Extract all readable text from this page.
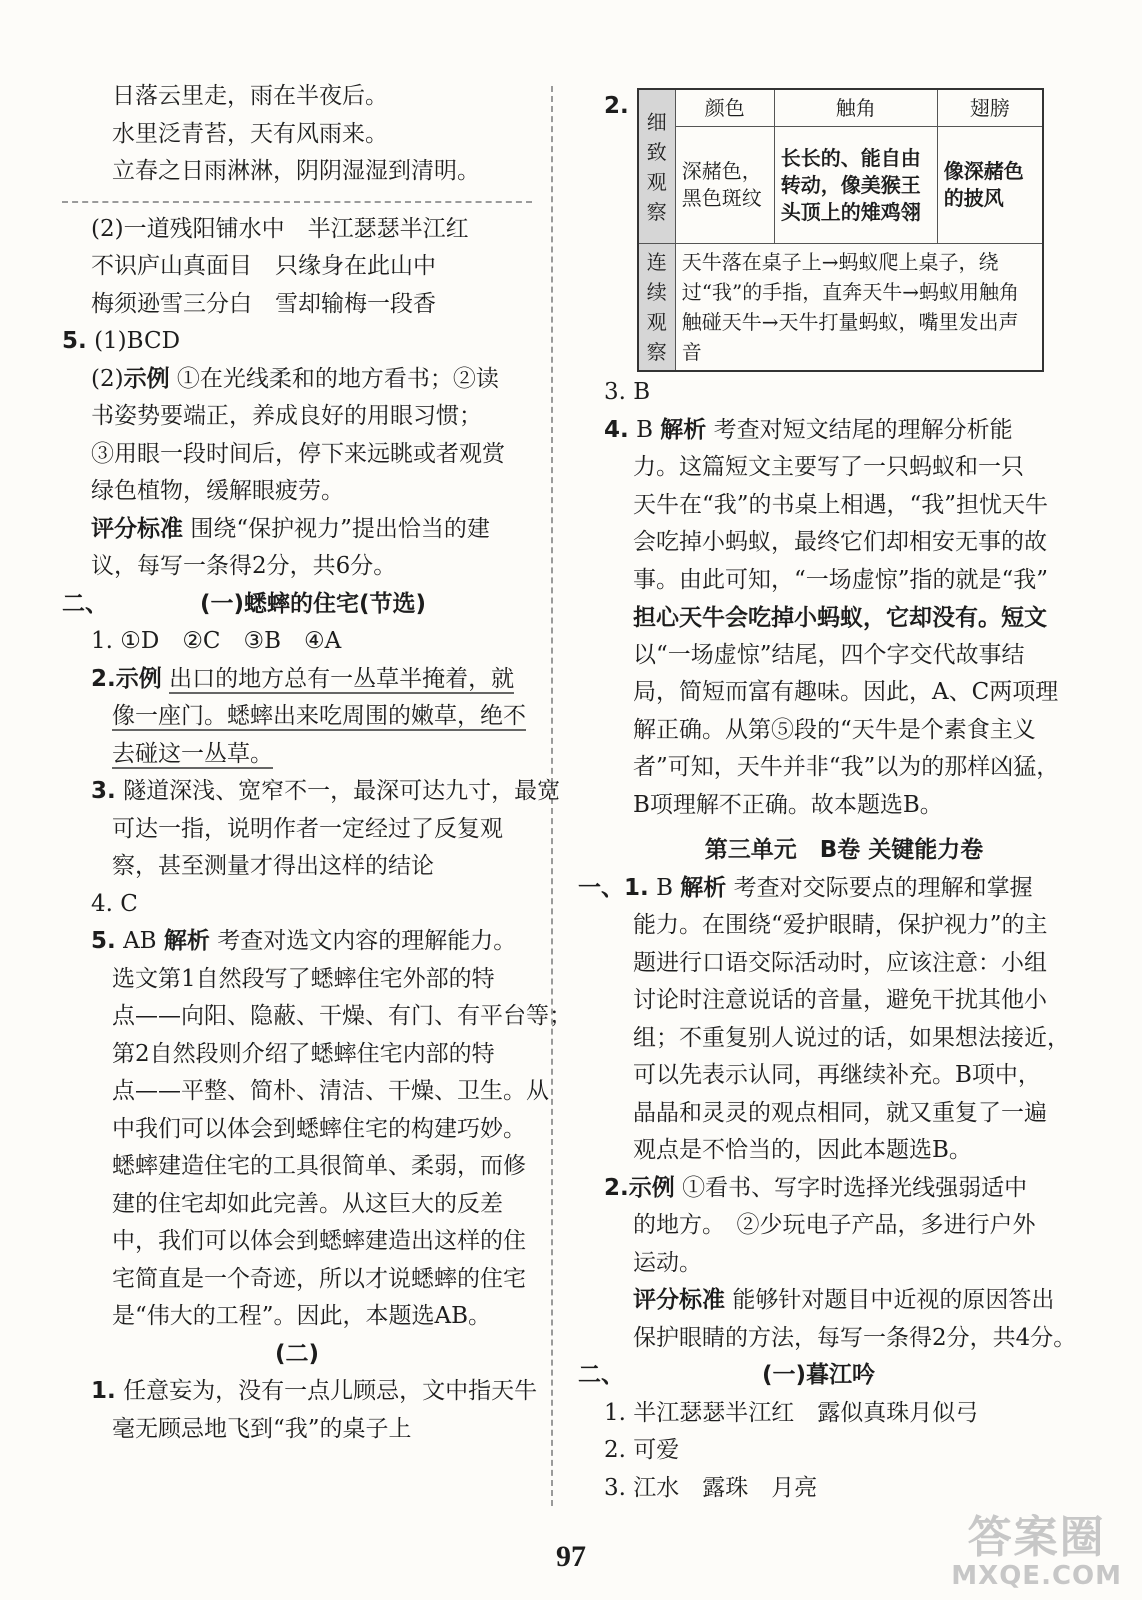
日落云里走，雨在半夜后。
水里泛青苔，天有风雨来。
立春之日雨淋淋，阴阴湿湿到清明。
(2)一道残阳铺水中　半江瑟瑟半江红
不识庐山真面目　只缘身在此山中
梅须逊雪三分白　雪却输梅一段香
5. (1)BCD
(2)示例 ①在光线柔和的地方看书；②读
书姿势要端正，养成良好的用眼习惯；
③用眼一段时间后，停下来远眺或者观赏
绿色植物，缓解眼疲劳。
评分标准 围绕“保护视力”提出恰当的建
议，每写一条得2分，共6分。
二、	(一)蟋蟀的住宅(节选)
1. ①D　②C　③B　④A
2.示例 出口的地方总有一丛草半掩着，就
像一座门。蟋蟀出来吃周围的嫩草，绝不
去碰这一丛草。
3. 隧道深浅、宽窄不一，最深可达九寸，最宽
可达一指，说明作者一定经过了反复观
察，甚至测量才得出这样的结论
4. C
5. AB 解析 考查对选文内容的理解能力。
选文第1自然段写了蟋蟀住宅外部的特
点——向阳、隐蔽、干燥、有门、有平台等；
第2自然段则介绍了蟋蟀住宅内部的特
点——平整、简朴、清洁、干燥、卫生。从
中我们可以体会到蟋蟀住宅的构建巧妙。
蟋蟀建造住宅的工具很简单、柔弱，而修
建的住宅却如此完善。从这巨大的反差
中，我们可以体会到蟋蟀建造出这样的住
宅简直是一个奇迹，所以才说蟋蟀的住宅
是“伟大的工程”。因此，本题选AB。
(二)
1. 任意妄为，没有一点儿顾忌，文中指天牛
毫无顾忌地飞到“我”的桌子上
2.
细致观察	颜色	触角	翅膀
	深赭色，黑色斑纹	长长的、能自由转动，像美猴王头顶上的雉鸡翎	像深赭色的披风
连续观察	天牛落在桌子上→蚂蚁爬上桌子，绕过“我”的手指，直奔天牛→蚂蚁用触角触碰天牛→天牛打量蚂蚁，嘴里发出声音		
3. B
4. B 解析 考查对短文结尾的理解分析能
力。这篇短文主要写了一只蚂蚁和一只
天牛在“我”的书桌上相遇，“我”担忧天牛
会吃掉小蚂蚁，最终它们却相安无事的故
事。由此可知，“一场虚惊”指的就是“我”
担心天牛会吃掉小蚂蚁，它却没有。短文
以“一场虚惊”结尾，四个字交代故事结
局，简短而富有趣味。因此，A、C两项理
解正确。从第⑤段的“天牛是个素食主义
者”可知，天牛并非“我”以为的那样凶猛，
B项理解不正确。故本题选B。
第三单元　B卷 关键能力卷
一、1. B 解析 考查对交际要点的理解和掌握
能力。在围绕“爱护眼睛，保护视力”的主
题进行口语交际活动时，应该注意：小组
讨论时注意说话的音量，避免干扰其他小
组；不重复别人说过的话，如果想法接近，
可以先表示认同，再继续补充。B项中，
晶晶和灵灵的观点相同，就又重复了一遍
观点是不恰当的，因此本题选B。
2.示例 ①看书、写字时选择光线强弱适中
的地方。　②少玩电子产品，多进行户外
运动。
评分标准 能够针对题目中近视的原因答出
保护眼睛的方法，每写一条得2分，共4分。
二、	(一)暮江吟
1. 半江瑟瑟半江红　露似真珠月似弓
2. 可爱
3. 江水　露珠　月亮
97	答案圈
MXQE.COM
